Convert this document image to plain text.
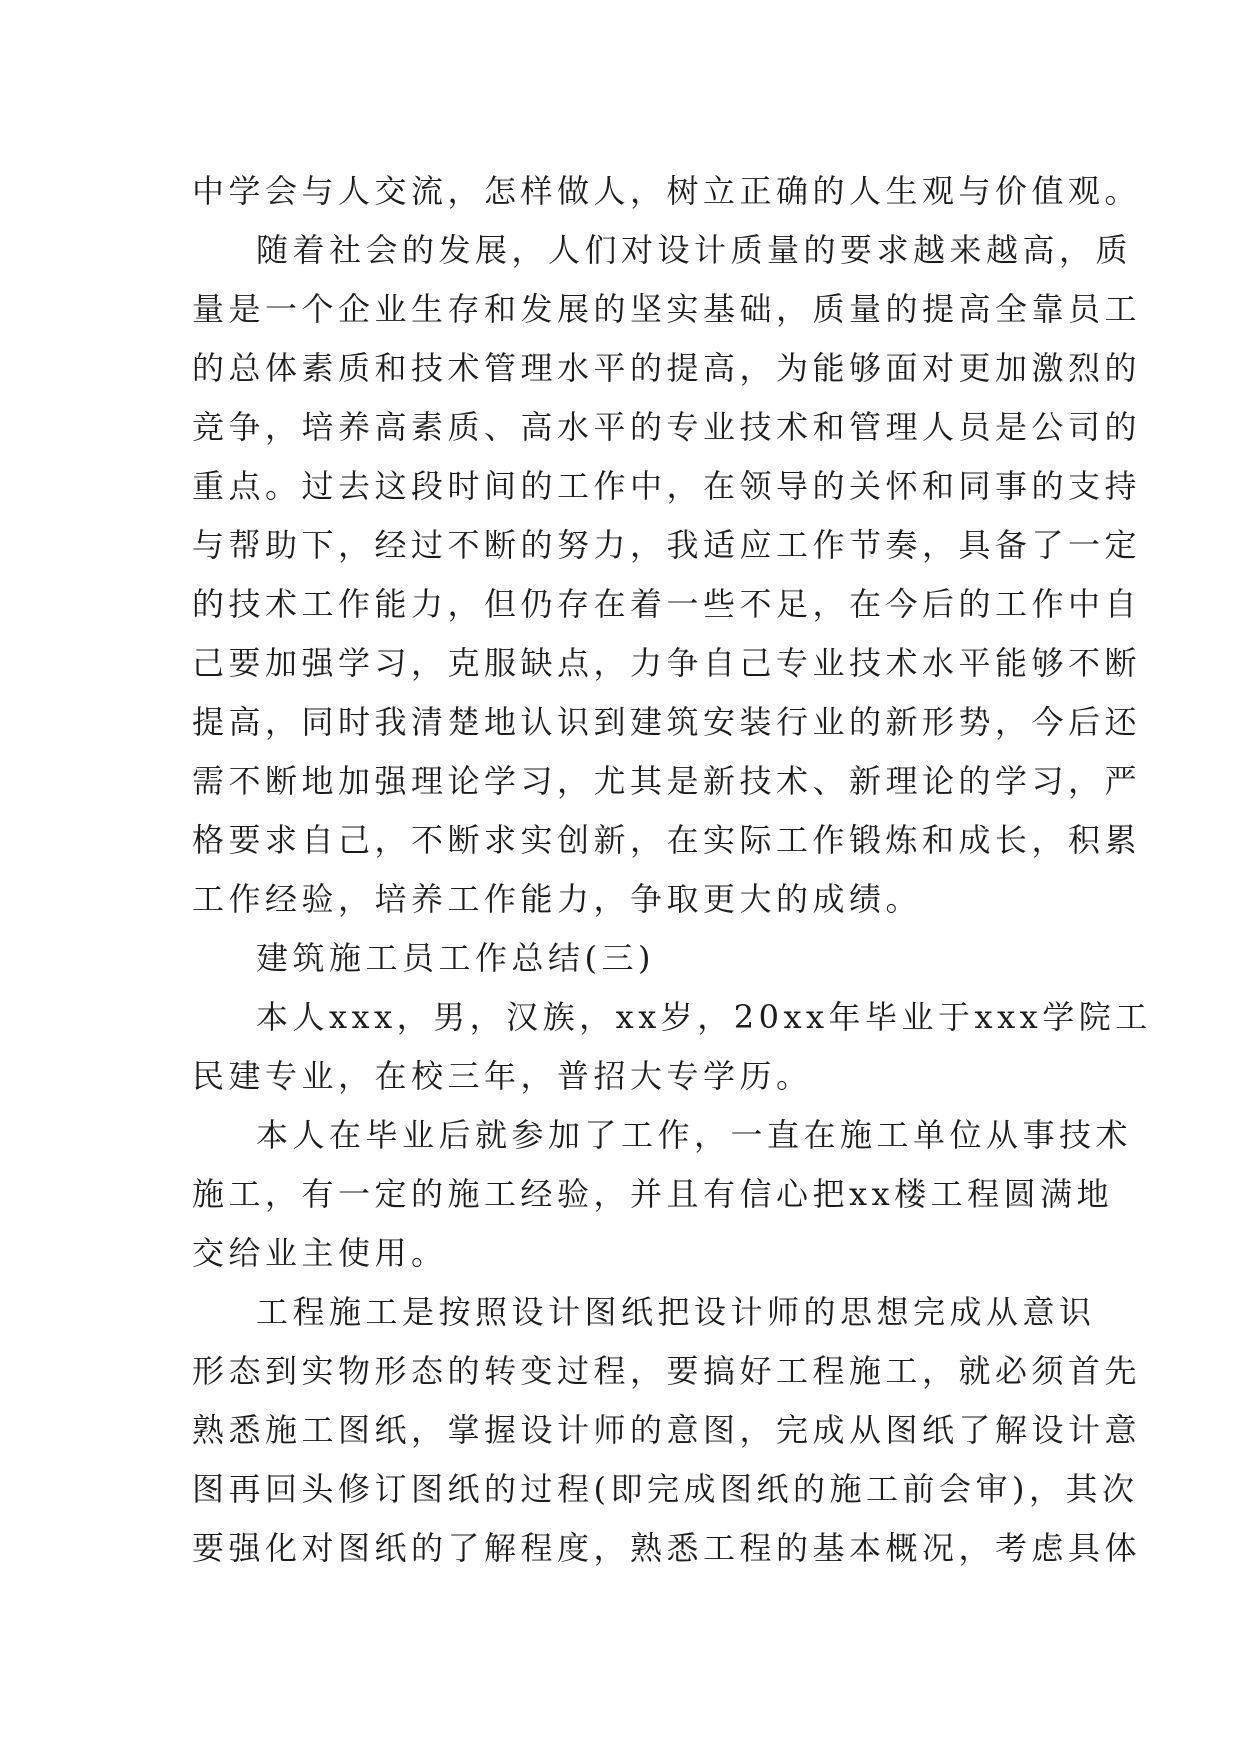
中学会与人交流，怎样做人，树立正确的人生观与价值观。
随着社会的发展，人们对设计质量的要求越来越高，质
量是一个企业生存和发展的坚实基础，质量的提高全靠员工
的总体素质和技术管理水平的提高，为能够面对更加激烈的
竞争，培养高素质、高水平的专业技术和管理人员是公司的
重点。过去这段时间的工作中，在领导的关怀和同事的支持
与帮助下，经过不断的努力，我适应工作节奏，具备了一定
的技术工作能力，但仍存在着一些不足，在今后的工作中自
己要加强学习，克服缺点，力争自己专业技术水平能够不断
提高，同时我清楚地认识到建筑安装行业的新形势，今后还
需不断地加强理论学习，尤其是新技术、新理论的学习，严
格要求自己，不断求实创新，在实际工作锻炼和成长，积累
工作经验，培养工作能力，争取更大的成绩。
建筑施工员工作总结(三)
本人xxx，男，汉族，xx岁，20xx年毕业于xxx学院工
民建专业，在校三年，普招大专学历。
本人在毕业后就参加了工作，一直在施工单位从事技术
施工，有一定的施工经验，并且有信心把xx楼工程圆满地
交给业主使用。
工程施工是按照设计图纸把设计师的思想完成从意识
形态到实物形态的转变过程，要搞好工程施工，就必须首先
熟悉施工图纸，掌握设计师的意图，完成从图纸了解设计意
图再回头修订图纸的过程(即完成图纸的施工前会审)，其次
要强化对图纸的了解程度，熟悉工程的基本概况，考虑具体
